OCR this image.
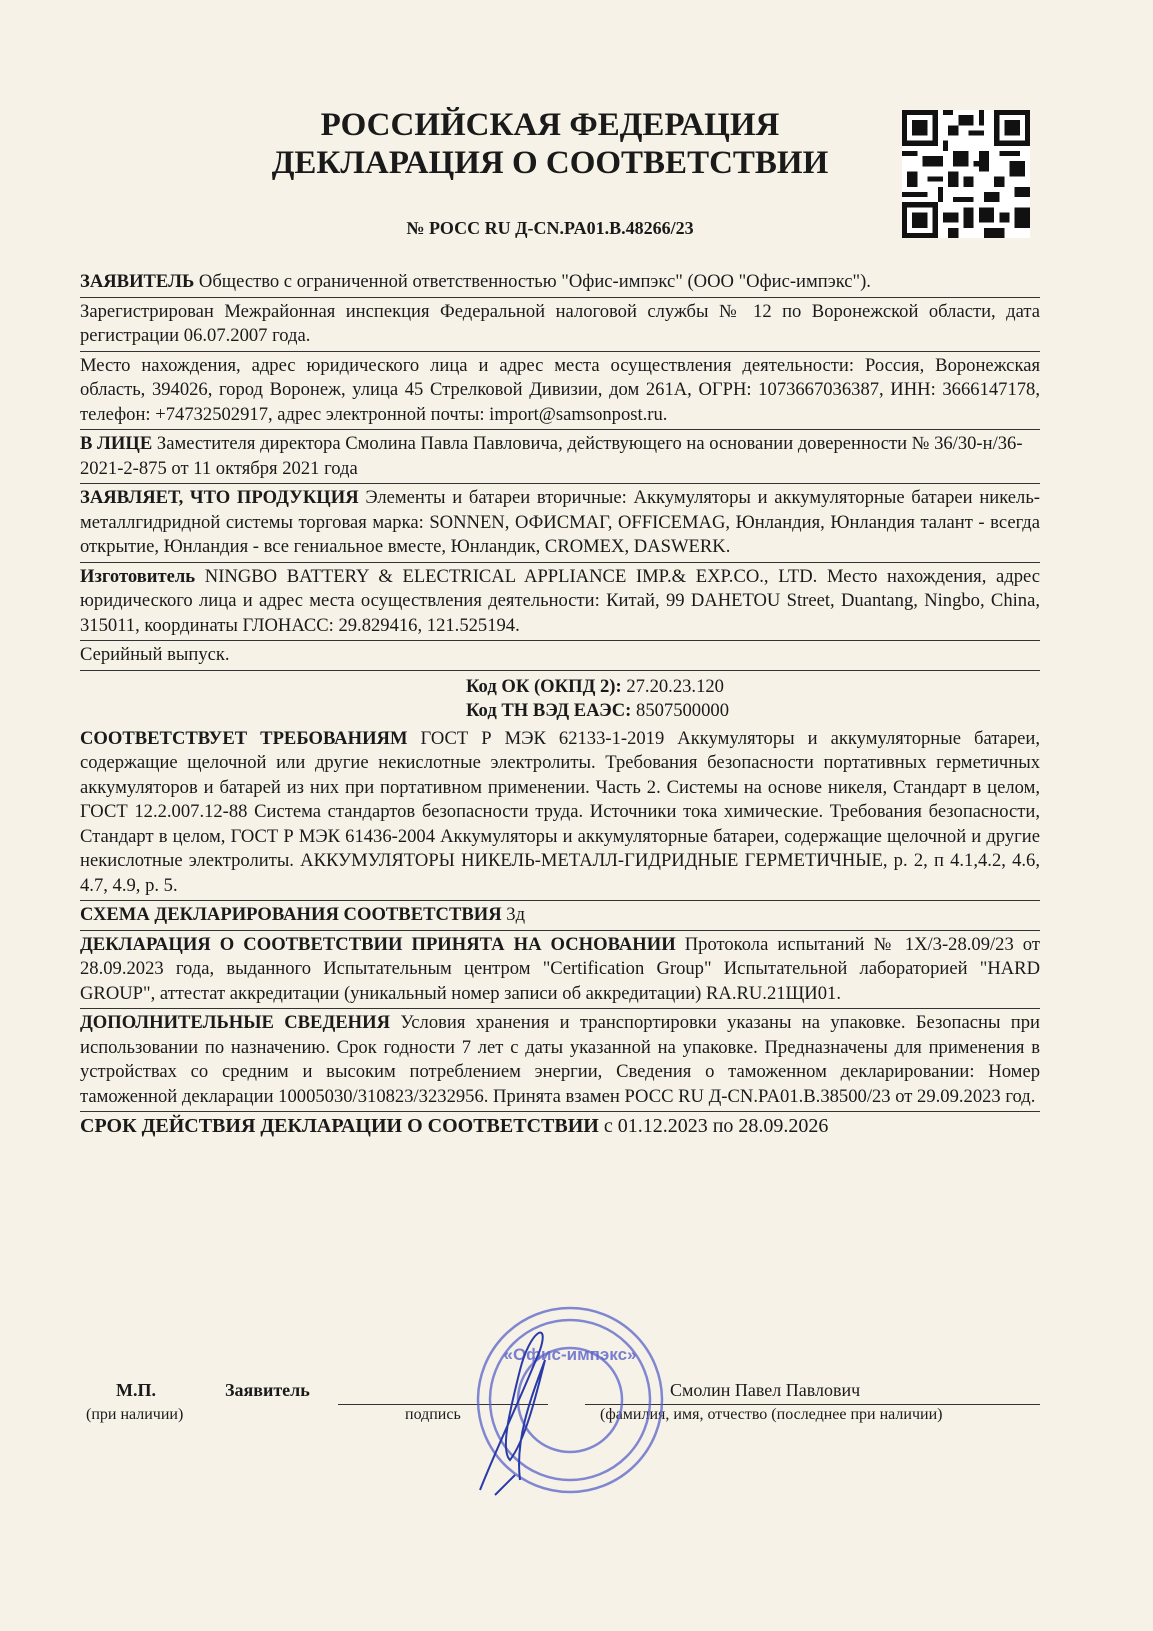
РОССИЙСКАЯ ФЕДЕРАЦИЯ
ДЕКЛАРАЦИЯ О СООТВЕТСТВИИ
№ РОСС RU Д-CN.PA01.B.48266/23
ЗАЯВИТЕЛЬ Общество с ограниченной ответственностью "Офис-импэкс" (ООО "Офис-импэкс").
Зарегистрирован Межрайонная инспекция Федеральной налоговой службы № 12 по Воронежской области, дата регистрации 06.07.2007 года.
Место нахождения, адрес юридического лица и адрес места осуществления деятельности: Россия, Воронежская область, 394026, город Воронеж, улица 45 Стрелковой Дивизии, дом 261А, ОГРН: 1073667036387, ИНН: 3666147178, телефон: +74732502917, адрес электронной почты: import@samsonpost.ru.
В ЛИЦЕ Заместителя директора Смолина Павла Павловича, действующего на основании доверенности № 36/30-н/36-2021-2-875 от 11 октября 2021 года
ЗАЯВЛЯЕТ, ЧТО ПРОДУКЦИЯ Элементы и батареи вторичные: Аккумуляторы и аккумуляторные батареи никель-металлгидридной системы торговая марка: SONNEN, ОФИСМАГ, OFFICEMAG, Юнландия, Юнландия талант - всегда открытие, Юнландия - все гениальное вместе, Юнландик, CROMEX, DASWERK.
Изготовитель NINGBO BATTERY & ELECTRICAL APPLIANCE IMP.& EXP.CO., LTD. Место нахождения, адрес юридического лица и адрес места осуществления деятельности: Китай, 99 DAHETOU Street, Duantang, Ningbo, China, 315011, координаты ГЛОНАСС: 29.829416, 121.525194.
Серийный выпуск.
Код ОК (ОКПД 2): 27.20.23.120
Код ТН ВЭД ЕАЭС: 8507500000
СООТВЕТСТВУЕТ ТРЕБОВАНИЯМ ГОСТ Р МЭК 62133-1-2019 Аккумуляторы и аккумуляторные батареи, содержащие щелочной или другие некислотные электролиты. Требования безопасности портативных герметичных аккумуляторов и батарей из них при портативном применении. Часть 2. Системы на основе никеля, Стандарт в целом, ГОСТ 12.2.007.12-88 Система стандартов безопасности труда. Источники тока химические. Требования безопасности, Стандарт в целом, ГОСТ Р МЭК 61436-2004 Аккумуляторы и аккумуляторные батареи, содержащие щелочной и другие некислотные электролиты. АККУМУЛЯТОРЫ НИКЕЛЬ-МЕТАЛЛ-ГИДРИДНЫЕ ГЕРМЕТИЧНЫЕ, р. 2, п 4.1,4.2, 4.6, 4.7, 4.9, р. 5.
СХЕМА ДЕКЛАРИРОВАНИЯ СООТВЕТСТВИЯ 3д
ДЕКЛАРАЦИЯ О СООТВЕТСТВИИ ПРИНЯТА НА ОСНОВАНИИ Протокола испытаний № 1Х/3-28.09/23 от 28.09.2023 года, выданного Испытательным центром "Certification Group" Испытательной лабораторией "HARD GROUP", аттестат аккредитации (уникальный номер записи об аккредитации) RA.RU.21ЩИ01.
ДОПОЛНИТЕЛЬНЫЕ СВЕДЕНИЯ Условия хранения и транспортировки указаны на упаковке. Безопасны при использовании по назначению. Срок годности 7 лет с даты указанной на упаковке. Предназначены для применения в устройствах со средним и высоким потреблением энергии, Сведения о таможенном декларировании: Номер таможенной декларации 10005030/310823/3232956. Принята взамен РОСС RU Д-CN.PA01.B.38500/23 от 29.09.2023 год.
СРОК ДЕЙСТВИЯ ДЕКЛАРАЦИИ О СООТВЕТСТВИИ с 01.12.2023 по 28.09.2026
М.П.
(при наличии)
Заявитель
подпись
Смолин Павел Павлович
(фамилия, имя, отчество (последнее при наличии)
«Офис-импэкс»
